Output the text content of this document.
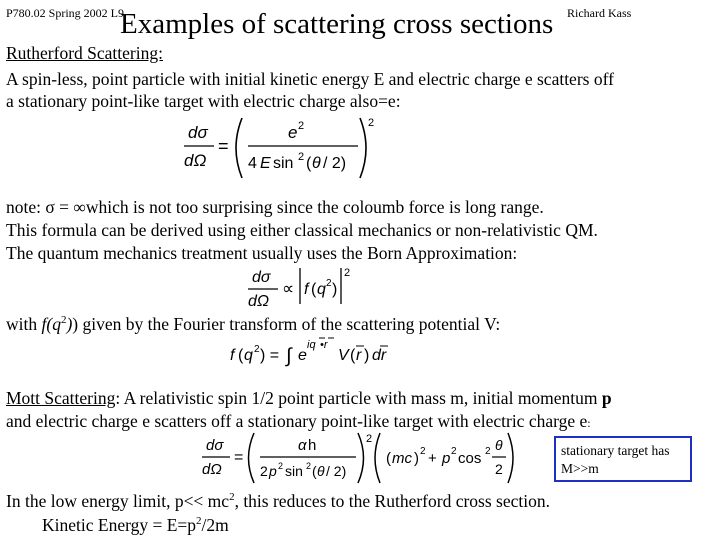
P780.02 Spring 2002 L9	Richard Kass
Examples of scattering cross sections
Rutherford Scattering:
A spin-less, point particle with initial kinetic energy E and electric charge e scatters off
a stationary point-like target with electric charge also=e:
dσ
dΩ
=
e 2
4 E sin 2 ( θ / 2)
2
note: σ = ∞which is not too surprising since the coloumb force is long range.
This formula can be derived using either classical mechanics or non-relativistic QM.
The quantum mechanics treatment usually uses the Born Approximation:
dσ
dΩ
∝ f ( q 2 )
2
with $f(q^2)$) given by the Fourier transform of the scattering potential V:
f ( q 2 ) = ∫ e
iq •r
V ( r ) dr
Mott Scattering: A relativistic spin 1/2 point particle with mass m, initial momentum p
and electric charge e scatters off a stationary point-like target with electric charge e:
dσ
dΩ
=
α h
2 p 2 sin 2 ( θ / 2)
2
( mc ) 2 + p 2 cos 2 θ
2
stationary target has M>>m
In the low energy limit, $p<< mc^2$, this reduces to the Rutherford cross section.
Kinetic Energy = $E=p^2/2m$
